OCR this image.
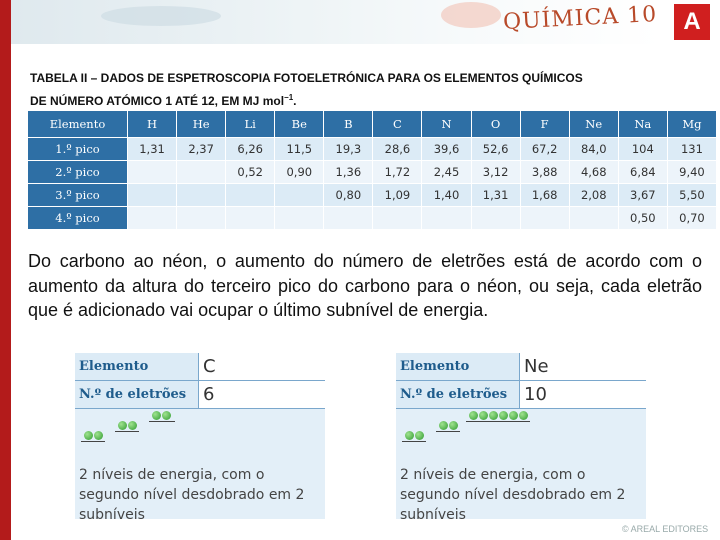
QUÍMICA 10	A
TABELA II – DADOS DE ESPETROSCOPIA FOTOELETRÓNICA PARA OS ELEMENTOS QUÍMICOS
DE NÚMERO ATÓMICO 1 ATÉ 12, EM MJ mol$^{-1}$.
Elemento	H	He	Li	Be	B	C	N	O	F	Ne	Na	Mg
1.º pico	1,31	2,37	6,26	11,5	19,3	28,6	39,6	52,6	67,2	84,0	104	131
2.º pico			0,52	0,90	1,36	1,72	2,45	3,12	3,88	4,68	6,84	9,40
3.º pico					0,80	1,09	1,40	1,31	1,68	2,08	3,67	5,50
4.º pico											0,50	0,70
Do carbono ao néon, o aumento do número de eletrões está de acordo com o aumento da altura do terceiro pico do carbono para o néon, ou seja, cada eletrão que é adicionado vai ocupar o último subnível de energia.
Elemento	C
N.º de eletrões 6
2 níveis de energia, com o segundo nível desdobrado em 2 subníveis
Elemento	Ne
N.º de eletrões 10
2 níveis de energia, com o segundo nível desdobrado em 2 subníveis
© AREAL EDITORES
